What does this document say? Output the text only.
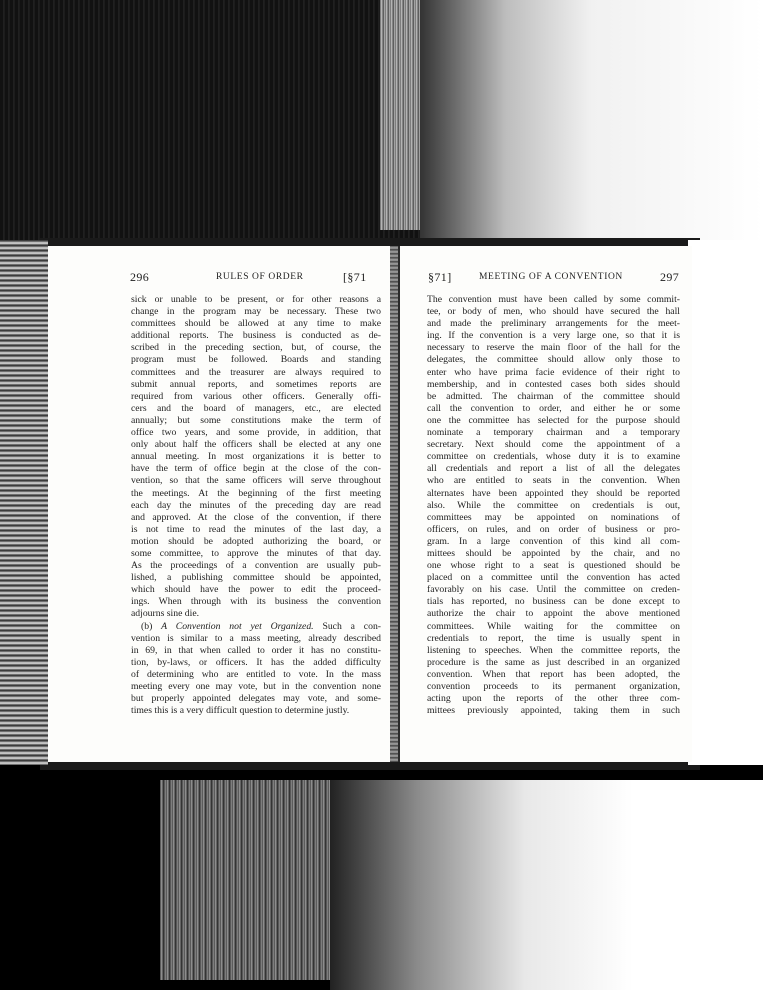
296	RULES OF ORDER	[§71
sick or unable to be present, or for other reasons a
change in the program may be necessary. These two
committees should be allowed at any time to make
additional reports. The business is conducted as de-
scribed in the preceding section, but, of course, the
program must be followed. Boards and standing
committees and the treasurer are always required to
submit annual reports, and sometimes reports are
required from various other officers. Generally offi-
cers and the board of managers, etc., are elected
annually; but some constitutions make the term of
office two years, and some provide, in addition, that
only about half the officers shall be elected at any one
annual meeting. In most organizations it is better to
have the term of office begin at the close of the con-
vention, so that the same officers will serve throughout
the meetings. At the beginning of the first meeting
each day the minutes of the preceding day are read
and approved. At the close of the convention, if there
is not time to read the minutes of the last day, a
motion should be adopted authorizing the board, or
some committee, to approve the minutes of that day.
As the proceedings of a convention are usually pub-
lished, a publishing committee should be appointed,
which should have the power to edit the proceed-
ings. When through with its business the convention
adjourns sine die.
(b) A Convention not yet Organized. Such a con-
vention is similar to a mass meeting, already described
in 69, in that when called to order it has no constitu-
tion, by-laws, or officers. It has the added difficulty
of determining who are entitled to vote. In the mass
meeting every one may vote, but in the convention none
but properly appointed delegates may vote, and some-
times this is a very difficult question to determine justly.
§71]	MEETING OF A CONVENTION	297
The convention must have been called by some commit-
tee, or body of men, who should have secured the hall
and made the preliminary arrangements for the meet-
ing. If the convention is a very large one, so that it is
necessary to reserve the main floor of the hall for the
delegates, the committee should allow only those to
enter who have prima facie evidence of their right to
membership, and in contested cases both sides should
be admitted. The chairman of the committee should
call the convention to order, and either he or some
one the committee has selected for the purpose should
nominate a temporary chairman and a temporary
secretary. Next should come the appointment of a
committee on credentials, whose duty it is to examine
all credentials and report a list of all the delegates
who are entitled to seats in the convention. When
alternates have been appointed they should be reported
also. While the committee on credentials is out,
committees may be appointed on nominations of
officers, on rules, and on order of business or pro-
gram. In a large convention of this kind all com-
mittees should be appointed by the chair, and no
one whose right to a seat is questioned should be
placed on a committee until the convention has acted
favorably on his case. Until the committee on creden-
tials has reported, no business can be done except to
authorize the chair to appoint the above mentioned
committees. While waiting for the committee on
credentials to report, the time is usually spent in
listening to speeches. When the committee reports, the
procedure is the same as just described in an organized
convention. When that report has been adopted, the
convention proceeds to its permanent organization,
acting upon the reports of the other three com-
mittees previously appointed, taking them in such
